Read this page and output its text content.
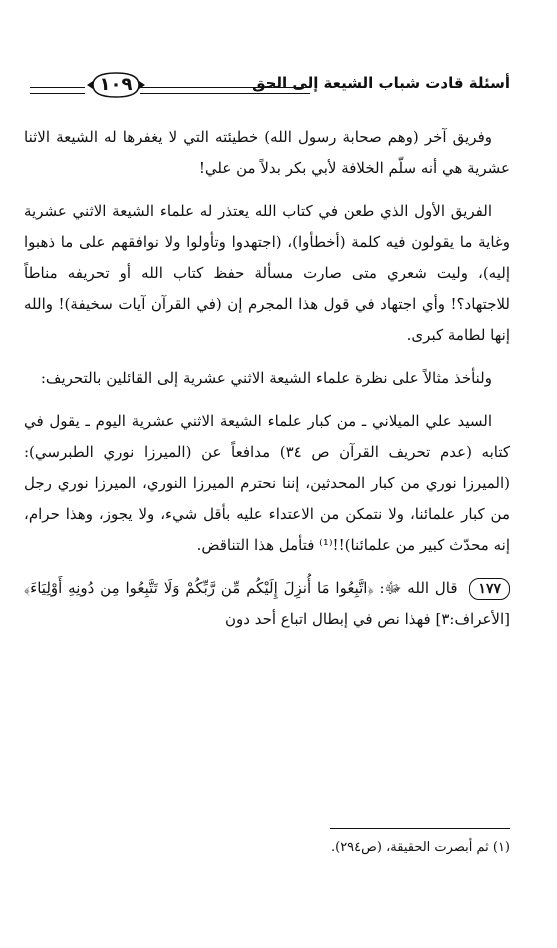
١٠٩	أسئلة قادت شباب الشيعة إلى الحق

وفريق آخر (وهم صحابة رسول الله) خطيئته التي لا يغفرها له الشيعة الاثنا عشرية هي أنه سلّم الخلافة لأبي بكر بدلاً من علي!

الفريق الأول الذي طعن في كتاب الله يعتذر له علماء الشيعة الاثني عشرية وغاية ما يقولون فيه كلمة (أخطأوا)، (اجتهدوا وتأولوا ولا نوافقهم على ما ذهبوا إليه)، وليت شعري متى صارت مسألة حفظ كتاب الله أو تحريفه مناطاً للاجتهاد؟! وأي اجتهاد في قول هذا المجرم إن (في القرآن آيات سخيفة)! والله إنها لطامة كبرى.

ولنأخذ مثالاً على نظرة علماء الشيعة الاثني عشرية إلى القائلين بالتحريف:

السيد علي الميلاني ـ من كبار علماء الشيعة الاثني عشرية اليوم ـ يقول في كتابه (عدم تحريف القرآن ص ٣٤) مدافعاً عن (الميرزا نوري الطبرسي): (الميرزا نوري من كبار المحدثين، إننا نحترم الميرزا النوري، الميرزا نوري رجل من كبار علمائنا، ولا نتمكن من الاعتداء عليه بأقل شيء، ولا يجوز، وهذا حرام، إنه محدّث كبير من علمائنا)!!⁽¹⁾ فتأمل هذا التناقض.

١٧٧ قال الله ﷻ: ﴿اتَّبِعُوا مَا أُنزِلَ إِلَيْكُم مِّن رَّبِّكُمْ وَلَا تَتَّبِعُوا مِن دُونِهِ أَوْلِيَاءَ﴾ [الأعراف:٣] فهذا نص في إبطال اتباع أحد دون

(١) ثم أبصرت الحقيقة، (ص٢٩٤).
